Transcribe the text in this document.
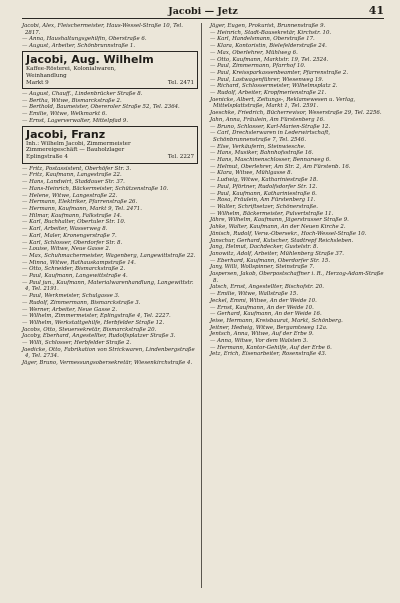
Jacobi — Jetz	41

Jacobi, Alex, Fleischermeister, Haus-Wessel-Straße 10, Tel. 2817.

— Anna, Haushaltungsgehilfin, Oberstraße 6.

— August, Arbeiter, Schönbrunnstraße 1.

Jacobi, Aug. Wilhelm
Kaffee-Rösterei, Kolonialwaren,
Weinhandlung
Markt 9	Tel. 2471

— August, Chauff., Lindenbrücker Straße 8.

— Bertha, Witwe, Bismarckstraße 2.

— Berthold, Baumeister, Obereroler Straße 52, Tel. 2364.

— Emilie, Witwe, Welkmarkt 6.

— Ernst, Lagerverwalter, Mittelpfad 9.

Jacobi, Franz
Inh.: Wilhelm Jacobi, Zimmermeister
Zimmereigeschäft — Bauholzlager
Eplingstraße 4	Tel. 2227

— Fritz, Postassistent, Oberhöfer Str. 3.

— Fritz, Kaufmann, Langestraße 22.

— Hans, Landwirt, Staddauer Str. 37.

— Hans-Heinrich, Bäckermeister, Schützenstraße 10.

— Helene, Witwe, Langestraße 22.

— Hermann, Elektriker, Pfarrenstraße 26.

— Hermann, Kaufmann, Markt 9, Tel. 2471.

— Hilmar, Kaufmann, Falkstraße 14.

— Karl, Buchhalter, Obertuler Str. 10.

— Karl, Arbeiter, Wasserweg 8.

— Karl, Maler, Kronengerstraße 7.

— Karl, Schlosser, Oberdorfer Str. 8.

— Louise, Witwe, Neue Gasse 2.

— Max, Schuhmachermeister, Wagenberg, Langewittstraße 22.

— Minna, Witwe, Rathauskampstraße 14.

— Otto, Schneider, Bismarckstraße 2.

— Paul, Kaufmann, Langewittstraße 4.

— Paul jun., Kaufmann, Materialwarenhandlung, Langewittstr. 4, Tel. 2191.

— Paul, Werkmeister, Schulgasse 3.

— Rudolf, Zimmermann, Bismarckstraße 3.

— Werner, Arbeiter, Neue Gasse 2.

— Wilhelm, Zimmermeister, Eplingstraße 4, Tel. 2227.

— Wilhelm, Werkstattgehilfe, Herbfelder Straße 12.

Jacobs, Otto, Steuersekretär, Bismarckstraße 20.

Jacoby, Eberhard, Angestellter, Rudolfsplatzer Straße 3.

— Willi, Schlosser, Herbfelder Straße 2.

Jaedicke, Otto, Fabrikation von Strickwaren, Lindenbergstraße 4, Tel. 2734.

Jäger, Bruno, Vermessungsobersekretär, Wiesenkirchstraße 4.

Jäger, Eugen, Prokurist, Brunnenstraße 9.

— Heinrich, Stadt-Bausekretär, Kirchstr. 10.

— Karl, Handelsmann, Oberstraße 17.

— Klara, Kontoristin, Bielefelderstraße 24.

— Max, Oberlehrer, Mühlweg 6.

— Otto, Kaufmann, Marktstr. 19, Tel. 2524.

— Paul, Zimmermann, Pfarrhof 10.

— Paul, Kreissparkassenbeamter, Pfarrenstraße 2.

— Paul, Lastwagenführer, Wiesenweg 19.

— Richard, Schlossermeister, Wilhelmsplatz 2.

— Rudolf, Arbeiter, Kropfmerienstraße 21.

Jaenicke, Albert, Zeitungs-, Reklamewesen u. Verlag, Mittelsplattstraße, Markt 1, Tel. 2591.

Jaeschke, Friedrich, Bücherrevisor, Weserstraße 29, Tel. 2256.

Jahn, Anna, Fräulein, Am Fürstenberg 16.

— Bruno, Schlosser, Karl-Marien-Straße 12.

— Carl, Drechslerwaren in Lederwirtschaft, Schönbrunnenstraße 7, Tel. 2546.

— Else, Verkäuferin, Steinwiesche.

— Hans, Musiker, Bahnhofsstraße 16.

— Hans, Maschinenschlosser, Bennarweg 6.

— Helmut, Oberlehrer, Am Str. 2, Am Fürstenb. 16.

— Klara, Witwe, Mühlgasse 8.

— Ludwig, Witwe, Kathariniestraße 18.

— Paul, Pförtner, Rudolfsdorfer Str. 12.

— Paul, Kaufmann, Kathariniestraße 6.

— Rosa, Fräulein, Am Fürstenberg 11.

— Walter, Schriftsetzer, Schönerstraße.

— Wilhelm, Bäckermeister, Pulvertstraße 11.

Jähre, Wilhelm, Kaufmann, Jägerstrasser Straße 9.

Jahke, Walter, Kaufmann, An der Neuen Kirche 2.

Jänisch, Rudolf, Verw.-Obersekr., Hoch-Wessel-Straße 10.

Janschur, Gerhard, Kutscher, Stadtrepf Reichsleben.

Jang, Helmut, Dachdecker, Gustelstr. 8.

Janowitz, Adolf, Arbeiter, Mühlenberg Straße 37.

— Eberhard, Kaufmann, Oberdorfer Str. 15.

Jany, Willi, Wollspinner, Steinstraße 7.

Jaspersen, Jakob, Oberpostschaffner i. R., Herzog-Adam-Straße 8.

Jatsch, Ernst, Angestellter, Bischofstr. 20.

— Emilie, Witwe, Wallstraße 15.

Jeckel, Emmi, Witwe, An der Weide 10.

— Ernst, Kaufmann, An der Weide 10.

— Gerhard, Kaufmann, An der Weide 16.

Jeise, Hermann, Kreisbaurat, Markt, Schönberg.

Jeitner, Hedwig, Witwe, Bergamtsweg 12a.

Jentsch, Anna, Witwe, Auf der Erbe 9.

— Anna, Witwe, Vor dem Walsten 3.

— Hermann, Kantor-Gehilfe, Auf der Erbe 6.

Jetz, Erich, Eisenarbeiter, Rosenstraße 43.
